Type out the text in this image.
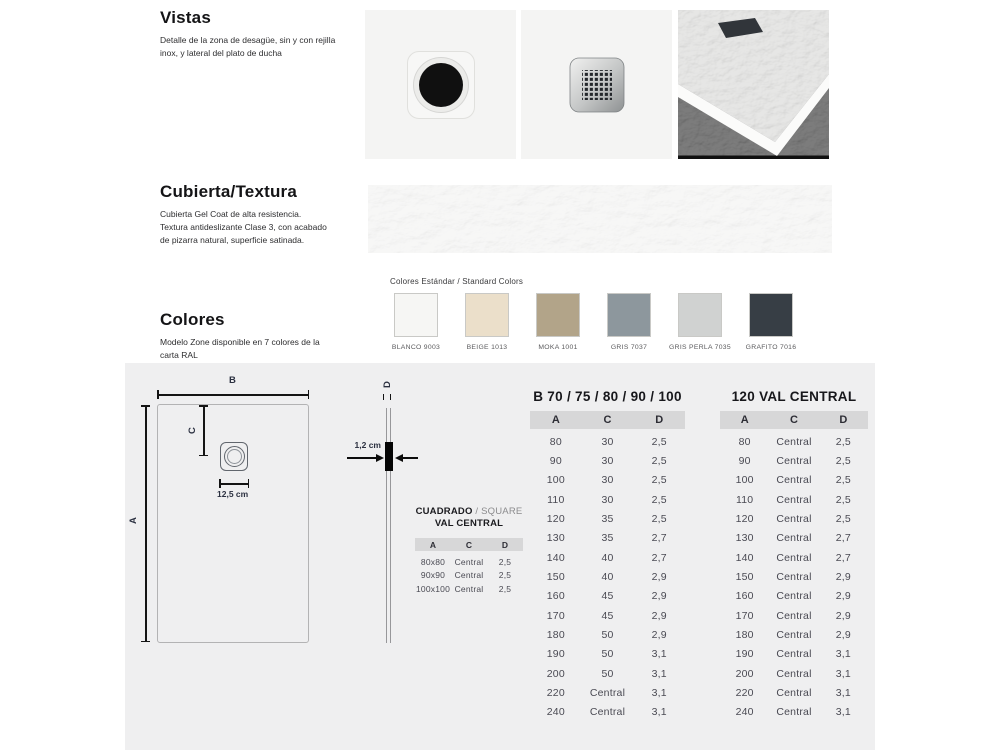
Vistas
Detalle de la zona de desagüe, sin y con rejilla inox, y lateral del plato de ducha
Cubierta/Textura
Cubierta Gel Coat de alta resistencia. Textura antideslizante Clase 3, con acabado de pizarra natural, superficie satinada.
Colores
Modelo Zone disponible en 7 colores de la carta RAL
Colores Estándar / Standard Colors
BLANCO 9003	BEIGE 1013	MOKA 1001	GRIS 7037	GRIS PERLA 7035 GRAFITO 7016
B
A
C
12,5 cm
D
1,2 cm
CUADRADO / SQUARE
VAL CENTRAL
A	C	D
80x80	Central	2,5
90x90	Central	2,5
100x100 Central	2,5
B 70 / 75 / 80 / 90 / 100
A	C	D
80	30	2,5
90	30	2,5
100	30	2,5
110	30	2,5
120	35	2,5
130	35	2,7
140	40	2,7
150	40	2,9
160	45	2,9
170	45	2,9
180	50	2,9
190	50	3,1
200	50	3,1
220	Central	3,1
240	Central	3,1
120 VAL CENTRAL
A	C	D
80	Central	2,5
90	Central	2,5
100	Central	2,5
110	Central	2,5
120	Central	2,5
130	Central	2,7
140	Central	2,7
150	Central	2,9
160	Central	2,9
170	Central	2,9
180	Central	2,9
190	Central	3,1
200	Central	3,1
220	Central	3,1
240	Central	3,1
